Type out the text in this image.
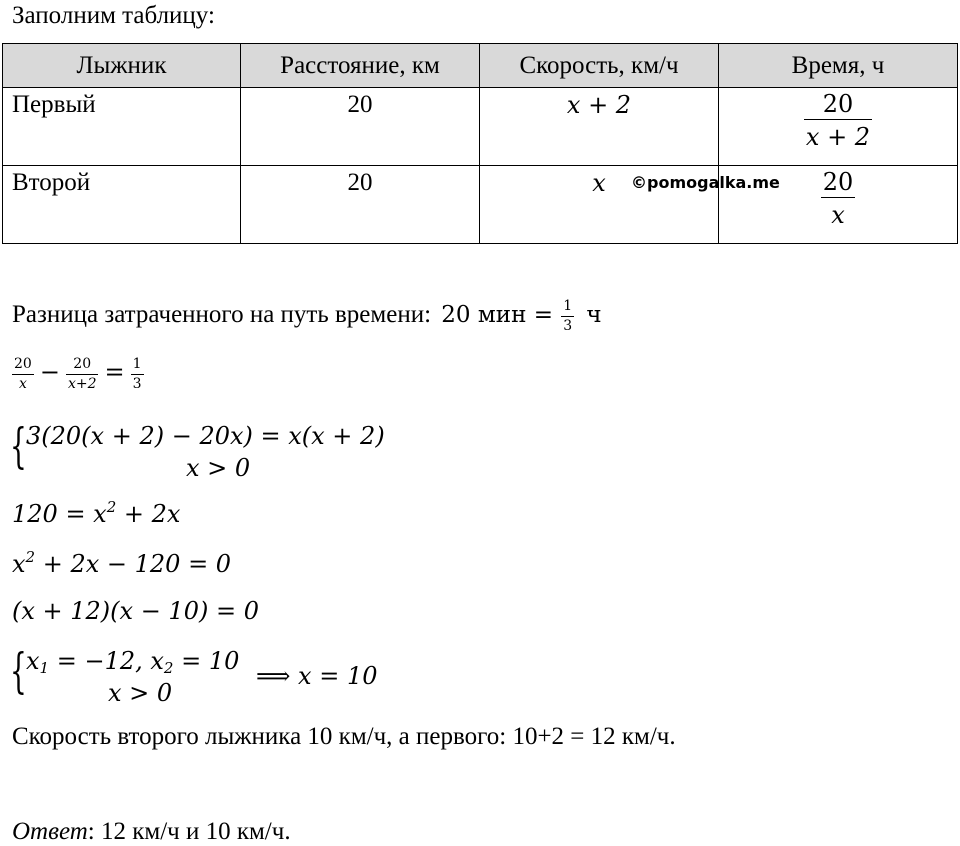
Заполним таблицу:
Лыжник	Расстояние, км	Скорость, км/ч	Время, ч
Первый	20	x + 2	$\frac{20}{x + 2}$

Второй	20	x	$\frac{20}{x}$
©pomogalka.me
Разница затраченного на путь времени: 20 мин = $\frac{1}{3}$ ч
$\frac{20}{x} - \frac{20}{x+2} = \frac{1}{3}$
{ 3(20(x + 2) − 20x) = x(x + 2)
x > 0
$120 = x^2 + 2x$
$x^2 + 2x - 120 = 0$
(x + 12)(x − 10) = 0
{ $x_1 = -12$, $x_2 = 10$
x > 0
⟹ x = 10
Скорость второго лыжника 10 км/ч, а первого: 10+2 = 12 км/ч.
Ответ: 12 км/ч и 10 км/ч.
